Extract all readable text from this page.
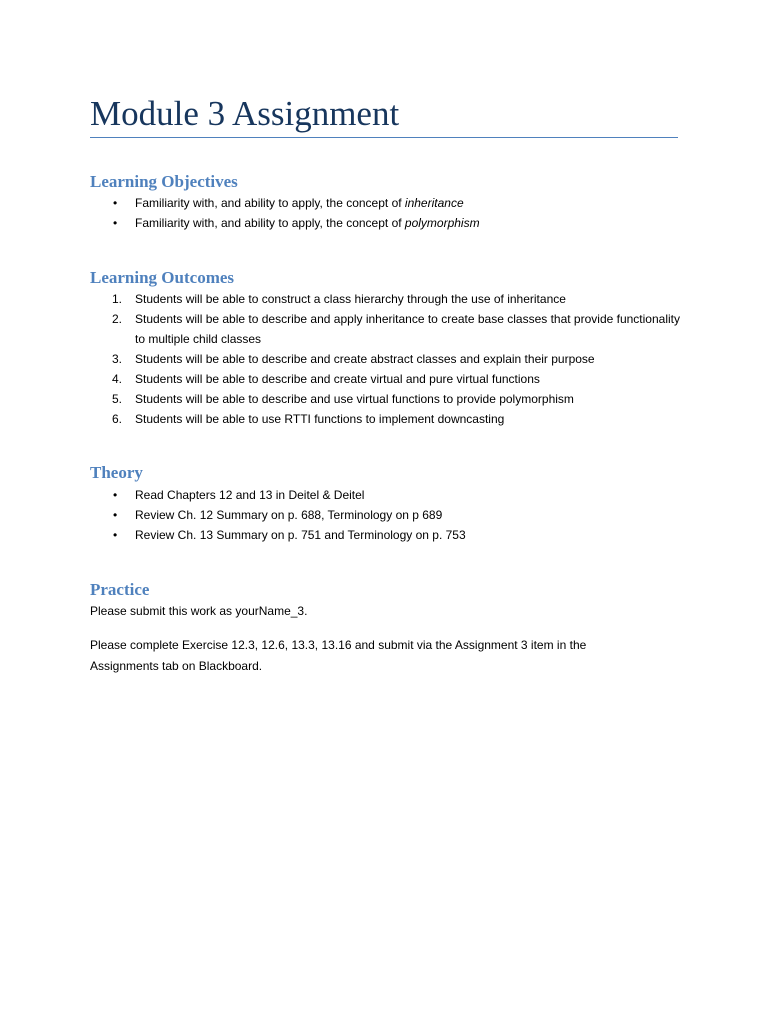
Module 3 Assignment
Learning Objectives
• Familiarity with, and ability to apply, the concept of inheritance
• Familiarity with, and ability to apply, the concept of polymorphism
Learning Outcomes
1. Students will be able to construct a class hierarchy through the use of inheritance
2. Students will be able to describe and apply inheritance to create base classes that provide functionality to multiple child classes
3. Students will be able to describe and create abstract classes and explain their purpose
4. Students will be able to describe and create virtual and pure virtual functions
5. Students will be able to describe and use virtual functions to provide polymorphism
6. Students will be able to use RTTI functions to implement downcasting
Theory
• Read Chapters 12 and 13 in Deitel & Deitel
• Review Ch. 12 Summary on p. 688, Terminology on p 689
• Review Ch. 13 Summary on p. 751 and Terminology on p. 753
Practice

Please submit this work as yourName_3.

Please complete Exercise 12.3, 12.6, 13.3, 13.16 and submit via the Assignment 3 item in the Assignments tab on Blackboard.
